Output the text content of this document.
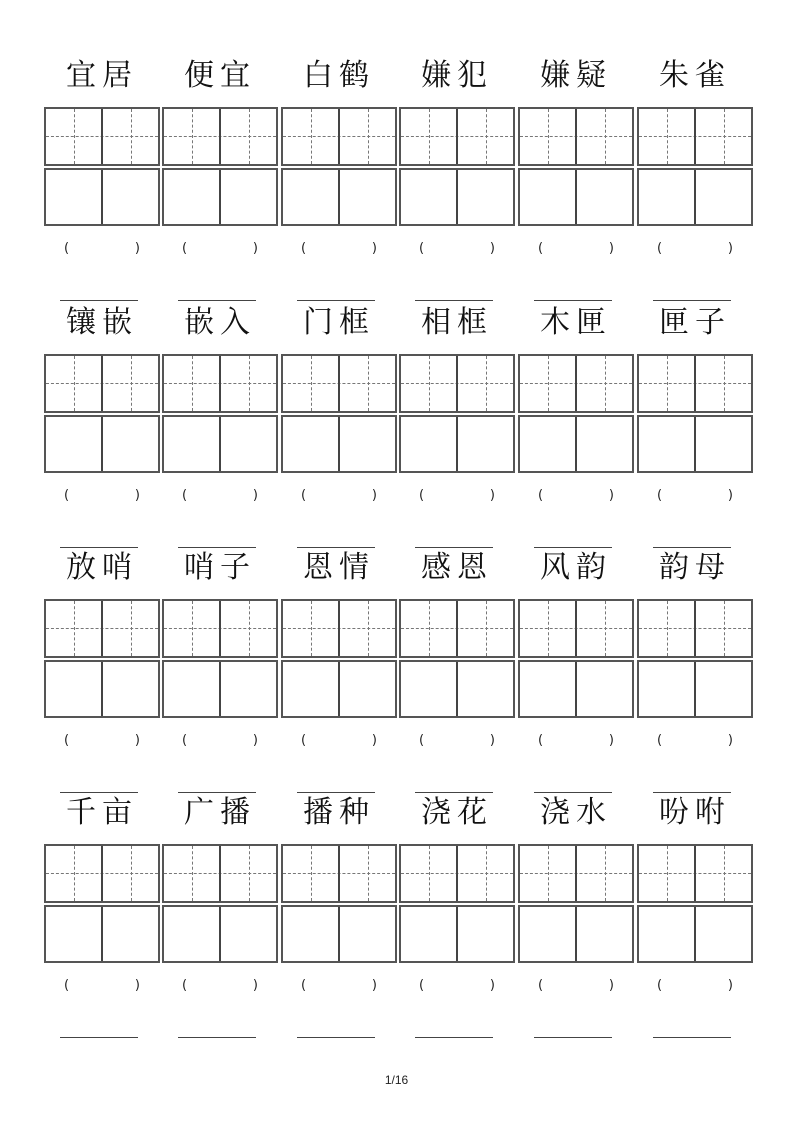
宜居
(	)
便宜
(	)
白鹤
(	)
嫌犯
(	)
嫌疑
(	)
朱雀
(	)
镶嵌
(	)
嵌入
(	)
门框
(	)
相框
(	)
木匣
(	)
匣子
(	)
放哨
(	)
哨子
(	)
恩情
(	)
感恩
(	)
风韵
(	)
韵母
(	)
千亩
(	)
广播
(	)
播种
(	)
浇花
(	)
浇水
(	)
吩咐
(	)
1/16
